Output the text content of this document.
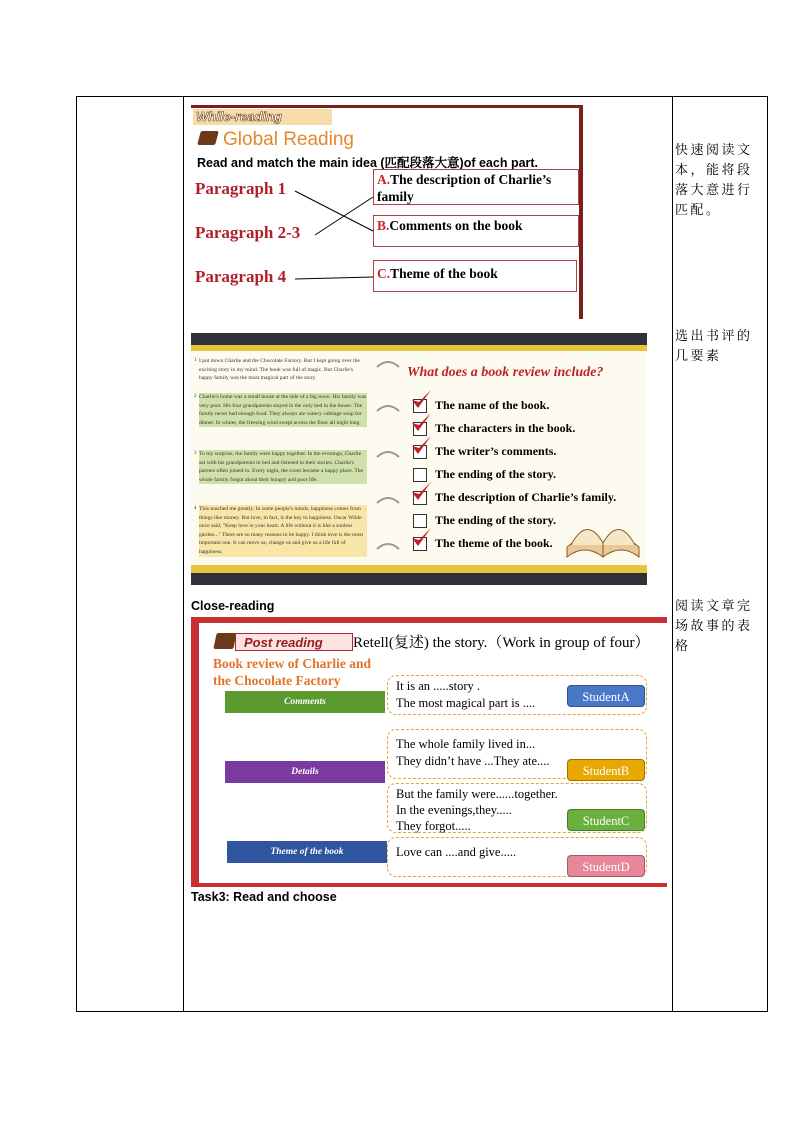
快速阅读文本，能将段落大意进行匹配。
选出书评的几要素
阅读文章完场故事的表格
While-reading
Global Reading
Read and match the main idea (匹配段落大意)of each part.
Paragraph 1
Paragraph 2-3
Paragraph 4
A.The description of Charlie’s family
B.Comments on the book
C.Theme of the book
1 I put down Charlie and the Chocolate Factory. But I kept going over the exciting story in my mind. The book was full of magic. But Charlie's happy family was the most magical part of the story.
2 Charlie's home was a small house at the side of a big town. His family was very poor. His four grandparents stayed in the only bed in the house. The family never had enough food. They always ate watery cabbage soup for dinner. In winter, the freezing wind swept across the floor all night long.
3 To my surprise, the family were happy together. In the evenings, Charlie sat with his grandparents in bed and listened to their stories. Charlie's parents often joined in. Every night, the room became a happy place. The whole family forgot about their hungry and poor life.
4 This touched me greatly. In some people's minds, happiness comes from things like money. But love, in fact, is the key to happiness. Oscar Wilde once said, "Keep love in your heart. A life without it is like a sunless garden..." There are so many reasons to be happy. I think love is the most important one. It can move us, change us and give us a life full of happiness.
What does a book review include?
The name of the book.
The characters in the book.
The writer’s comments.
The ending of the story.
The description of Charlie’s family.
The ending of the story.
The theme of the book.
Close-reading
Post reading	Retell(复述) the story.（Work in group of four）
Book review of Charlie and
the Chocolate Factory
Comments
Details
Theme of the book
It is an .....story .
The most magical part is ....
The whole family lived in...
They didn’t have ...They ate....
But the family were......together.
In the evenings,they.....
They forgot.....
Love can ....and give.....
StudentA
StudentB
StudentC
StudentD
Task3: Read and choose
